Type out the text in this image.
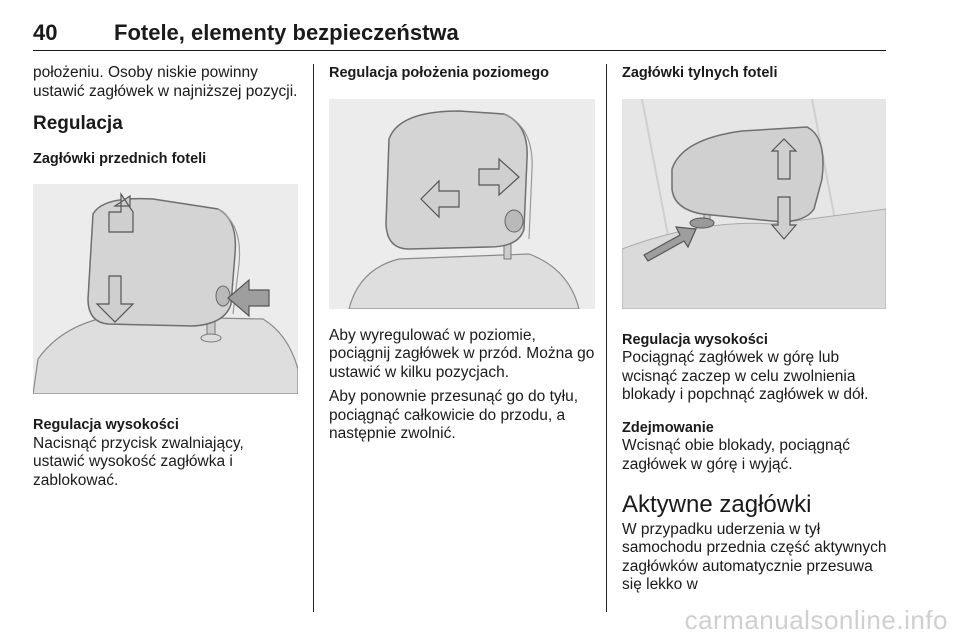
40	Fotele, elementy bezpieczeństwa

położeniu. Osoby niskie powinny ustawić zagłówek w najniższej pozycji.

Regulacja

Zagłówki przednich foteli

Regulacja wysokości

Nacisnąć przycisk zwalniający, ustawić wysokość zagłówka i zablokować.

Regulacja położenia poziomego

Aby wyregulować w poziomie, pociągnij zagłówek w przód. Można go ustawić w kilku pozycjach.

Aby ponownie przesunąć go do tyłu, pociągnąć całkowicie do przodu, a następnie zwolnić.

Zagłówki tylnych foteli

Regulacja wysokości

Pociągnąć zagłówek w górę lub wcisnąć zaczep w celu zwolnienia blokady i popchnąć zagłówek w dół.

Zdejmowanie

Wcisnąć obie blokady, pociągnąć zagłówek w górę i wyjąć.

Aktywne zagłówki

W przypadku uderzenia w tył samochodu przednia część aktywnych zagłówków automatycznie przesuwa się lekko w

carmanualsonline.info
